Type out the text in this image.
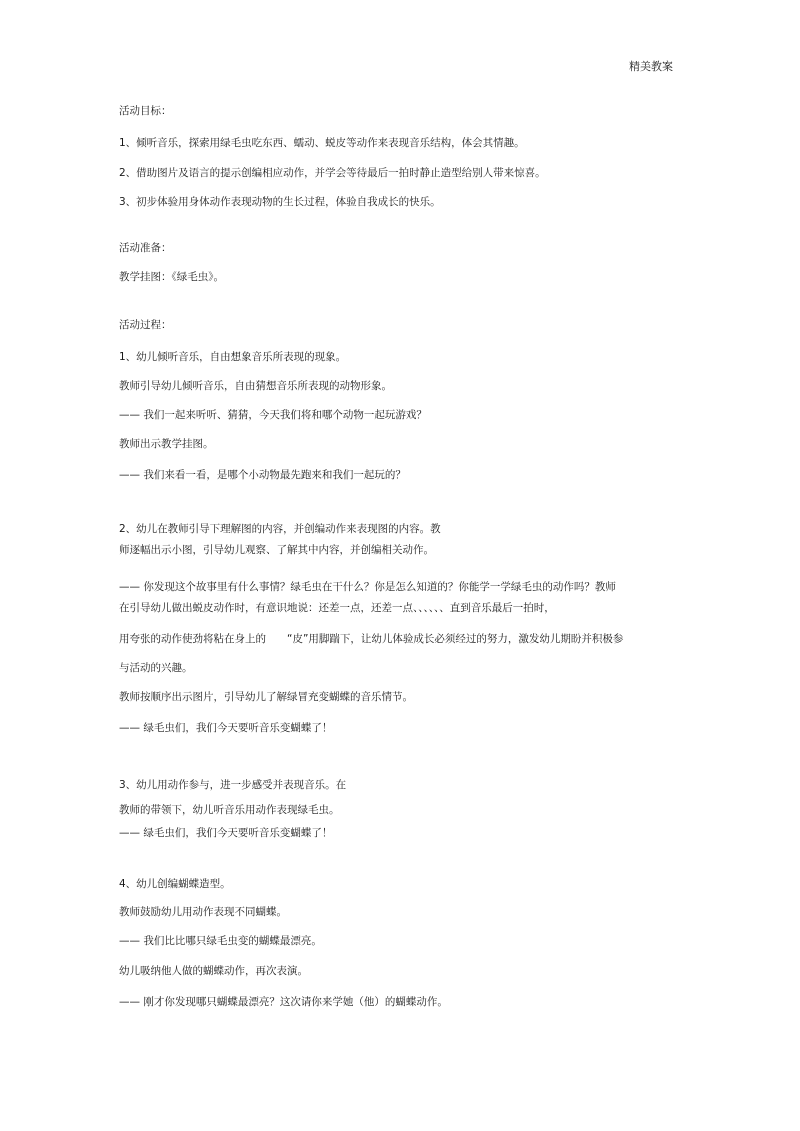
精美教案
活动目标：
1、倾听音乐，探索用绿毛虫吃东西、蠕动、蜕皮等动作来表现音乐结构，体会其情趣。
2、借助图片及语言的提示创编相应动作，并学会等待最后一拍时静止造型给别人带来惊喜。
3、初步体验用身体动作表现动物的生长过程，体验自我成长的快乐。
活动准备：
教学挂图：《绿毛虫》。
活动过程：
1、幼儿倾听音乐，自由想象音乐所表现的现象。
教师引导幼儿倾听音乐，自由猜想音乐所表现的动物形象。
—— 我们一起来听听、猜猜，今天我们将和哪个动物一起玩游戏？
教师出示教学挂图。
—— 我们来看一看，是哪个小动物最先跑来和我们一起玩的？
2、幼儿在教师引导下理解图的内容，并创编动作来表现图的内容。教
师逐幅出示小图，引导幼儿观察、了解其中内容，并创编相关动作。
—— 你发现这个故事里有什么事情？绿毛虫在干什么？你是怎么知道的？你能学一学绿毛虫的动作吗？教师
在引导幼儿做出蜕皮动作时，有意识地说：还差一点，还差一点、、、、、、直到音乐最后一拍时，
用夸张的动作使劲将粘在身上的　　“皮”用脚踹下，让幼儿体验成长必须经过的努力，激发幼儿期盼并积极参
与活动的兴趣。
教师按顺序出示图片，引导幼儿了解绿冒充变蝴蝶的音乐情节。
—— 绿毛虫们，我们今天要听音乐变蝴蝶了！
3、幼儿用动作参与，进一步感受并表现音乐。在
教师的带领下，幼儿听音乐用动作表现绿毛虫。
—— 绿毛虫们，我们今天要听音乐变蝴蝶了！
4、幼儿创编蝴蝶造型。
教师鼓励幼儿用动作表现不同蝴蝶。
—— 我们比比哪只绿毛虫变的蝴蝶最漂亮。
幼儿吸纳他人做的蝴蝶动作，再次表演。
—— 刚才你发现哪只蝴蝶最漂亮？这次请你来学她（他）的蝴蝶动作。
